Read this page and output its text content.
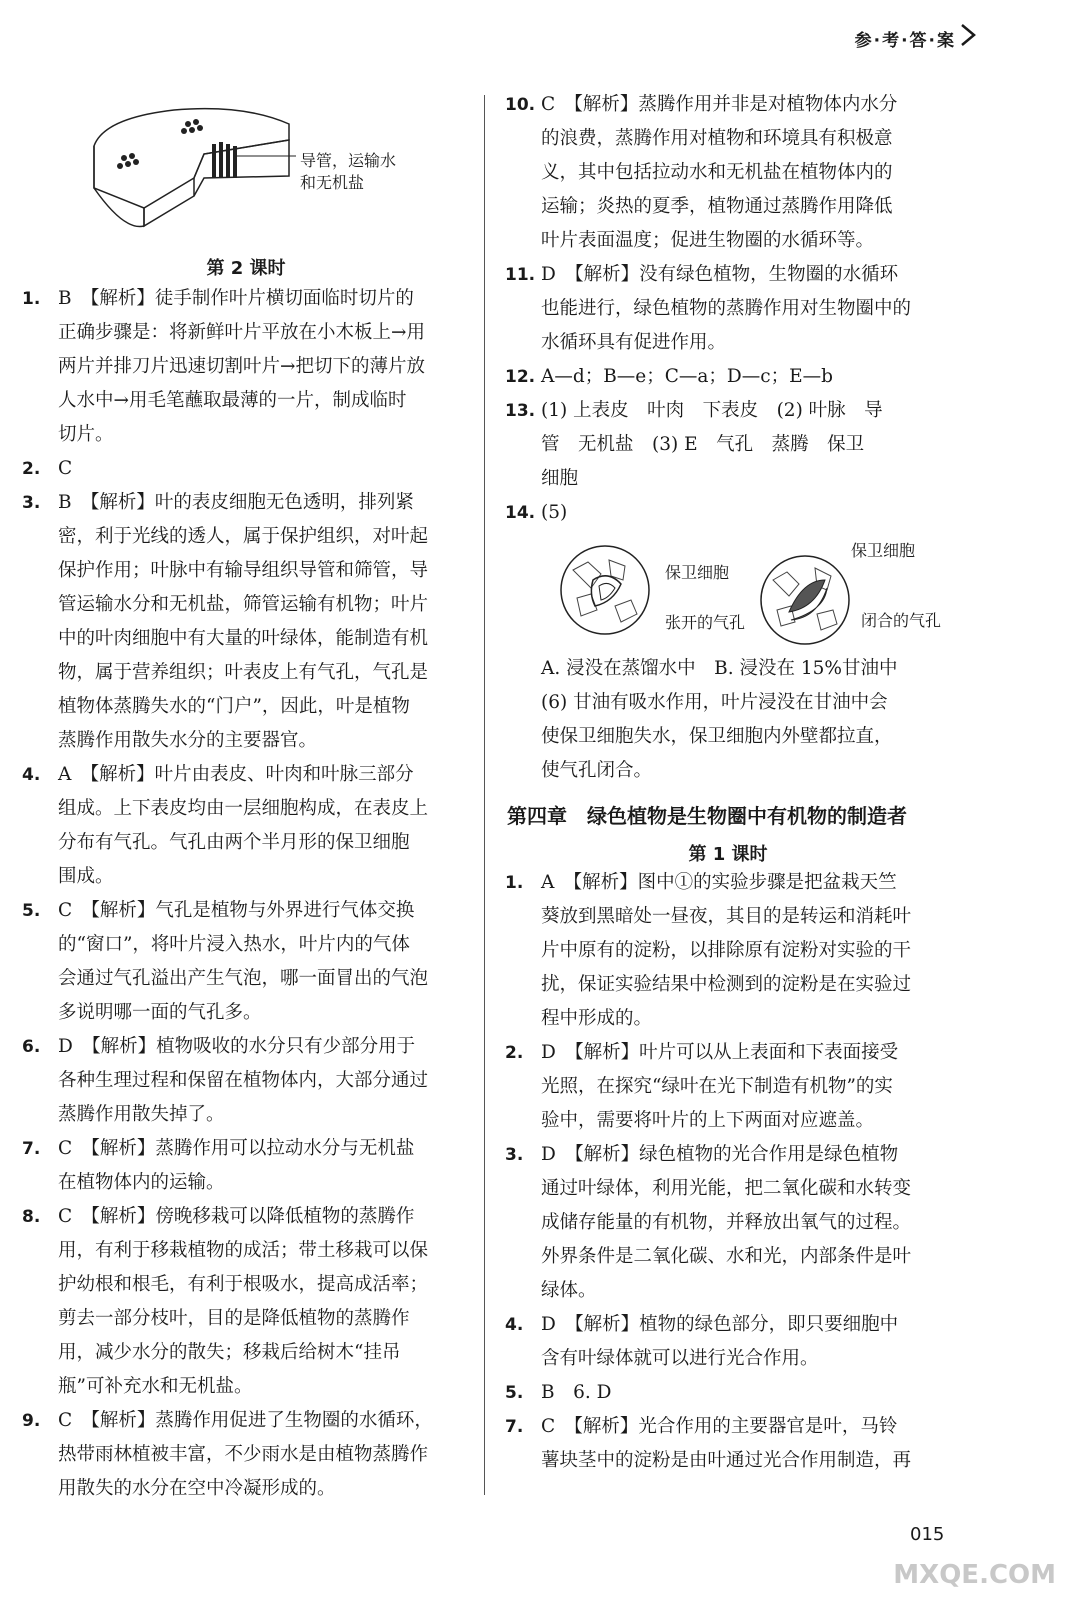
参·考·答·案
导管，运输水
和无机盐
第 2 课时
1. B　【解析】徒手制作叶片横切面临时切片的
正确步骤是：将新鲜叶片平放在小木板上→用
两片并排刀片迅速切割叶片→把切下的薄片放
人水中→用毛笔蘸取最薄的一片，制成临时
切片。
2. C
3. B　【解析】叶的表皮细胞无色透明，排列紧
密，利于光线的透人，属于保护组织，对叶起
保护作用；叶脉中有输导组织导管和筛管，导
管运输水分和无机盐，筛管运输有机物；叶片
中的叶肉细胞中有大量的叶绿体，能制造有机
物，属于营养组织；叶表皮上有气孔，气孔是
植物体蒸腾失水的“门户”，因此，叶是植物
蒸腾作用散失水分的主要器官。
4. A　【解析】叶片由表皮、叶肉和叶脉三部分
组成。上下表皮均由一层细胞构成，在表皮上
分布有气孔。气孔由两个半月形的保卫细胞
围成。
5. C　【解析】气孔是植物与外界进行气体交换
的“窗口”，将叶片浸入热水，叶片内的气体
会通过气孔溢出产生气泡，哪一面冒出的气泡
多说明哪一面的气孔多。
6. D　【解析】植物吸收的水分只有少部分用于
各种生理过程和保留在植物体内，大部分通过
蒸腾作用散失掉了。
7. C　【解析】蒸腾作用可以拉动水分与无机盐
在植物体内的运输。
8. C　【解析】傍晚移栽可以降低植物的蒸腾作
用，有利于移栽植物的成活；带土移栽可以保
护幼根和根毛，有利于根吸水，提高成活率；
剪去一部分枝叶，目的是降低植物的蒸腾作
用，减少水分的散失；移栽后给树木“挂吊
瓶”可补充水和无机盐。
9. C　【解析】蒸腾作用促进了生物圈的水循环，
热带雨林植被丰富，不少雨水是由植物蒸腾作
用散失的水分在空中冷凝形成的。
10. C　【解析】蒸腾作用并非是对植物体内水分
的浪费，蒸腾作用对植物和环境具有积极意
义，其中包括拉动水和无机盐在植物体内的
运输；炎热的夏季，植物通过蒸腾作用降低
叶片表面温度；促进生物圈的水循环等。
11. D　【解析】没有绿色植物，生物圈的水循环
也能进行，绿色植物的蒸腾作用对生物圈中的
水循环具有促进作用。
12. A—d；B—e；C—a；D—c；E—b
13. (1) 上表皮　叶肉　下表皮　(2) 叶脉　导
管　无机盐　(3) E　气孔　蒸腾　保卫
细胞
14. (5)
保卫细胞
张开的气孔
保卫细胞
闭合的气孔
A. 浸没在蒸馏水中　B. 浸没在 15%甘油中
(6) 甘油有吸水作用，叶片浸没在甘油中会
使保卫细胞失水，保卫细胞内外壁都拉直，
使气孔闭合。
第四章　绿色植物是生物圈中有机物的制造者
第 1 课时
1. A　【解析】图中①的实验步骤是把盆栽天竺
葵放到黑暗处一昼夜，其目的是转运和消耗叶
片中原有的淀粉，以排除原有淀粉对实验的干
扰，保证实验结果中检测到的淀粉是在实验过
程中形成的。
2. D　【解析】叶片可以从上表面和下表面接受
光照，在探究“绿叶在光下制造有机物”的实
验中，需要将叶片的上下两面对应遮盖。
3. D　【解析】绿色植物的光合作用是绿色植物
通过叶绿体，利用光能，把二氧化碳和水转变
成储存能量的有机物，并释放出氧气的过程。
外界条件是二氧化碳、水和光，内部条件是叶
绿体。
4. D　【解析】植物的绿色部分，即只要细胞中
含有叶绿体就可以进行光合作用。
5. B　6. D
7. C　【解析】光合作用的主要器官是叶，马铃
薯块茎中的淀粉是由叶通过光合作用制造，再
015
MXQE.COM
